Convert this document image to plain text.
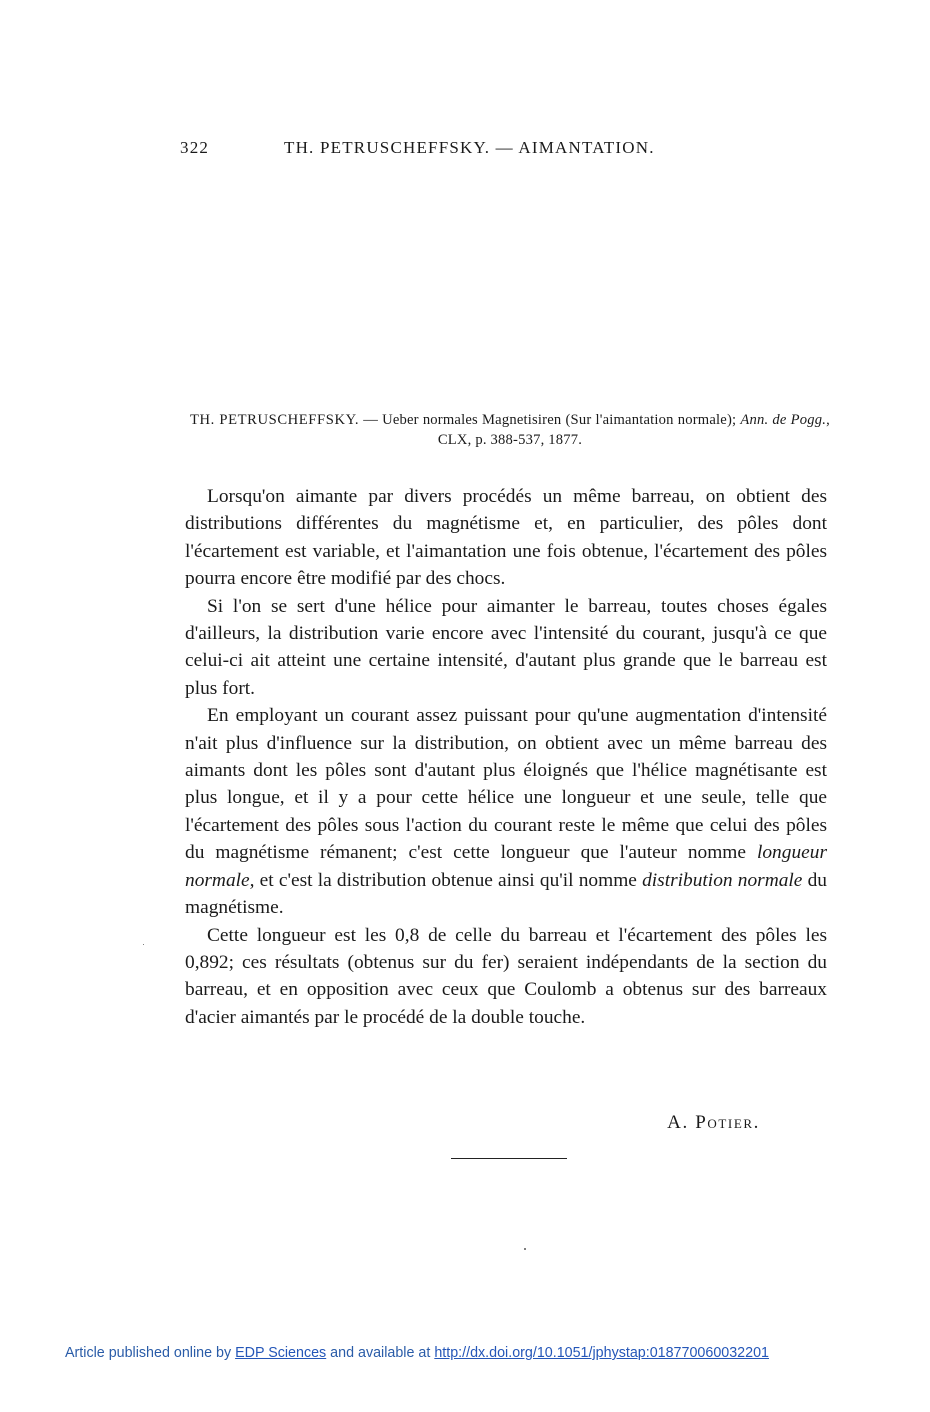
322	TH. PETRUSCHEFFSKY. — AIMANTATION.
TH. PETRUSCHEFFSKY. — Ueber normales Magnetisiren (Sur l'aimantation normale); Ann. de Pogg., CLX, p. 388-537, 1877.

Lorsqu'on aimante par divers procédés un même barreau, on obtient des distributions différentes du magnétisme et, en particulier, des pôles dont l'écartement est variable, et l'aimantation une fois obtenue, l'écartement des pôles pourra encore être modifié par des chocs.

Si l'on se sert d'une hélice pour aimanter le barreau, toutes choses égales d'ailleurs, la distribution varie encore avec l'intensité du courant, jusqu'à ce que celui-ci ait atteint une certaine intensité, d'autant plus grande que le barreau est plus fort.

En employant un courant assez puissant pour qu'une augmentation d'intensité n'ait plus d'influence sur la distribution, on obtient avec un même barreau des aimants dont les pôles sont d'autant plus éloignés que l'hélice magnétisante est plus longue, et il y a pour cette hélice une longueur et une seule, telle que l'écartement des pôles sous l'action du courant reste le même que celui des pôles du magnétisme rémanent; c'est cette longueur que l'auteur nomme longueur normale, et c'est la distribution obtenue ainsi qu'il nomme distribution normale du magnétisme.

Cette longueur est les 0,8 de celle du barreau et l'écartement des pôles les 0,892; ces résultats (obtenus sur du fer) seraient indépendants de la section du barreau, et en opposition avec ceux que Coulomb a obtenus sur des barreaux d'acier aimantés par le procédé de la double touche.

A. Potier.
Article published online by EDP Sciences and available at http://dx.doi.org/10.1051/jphystap:018770060032201
